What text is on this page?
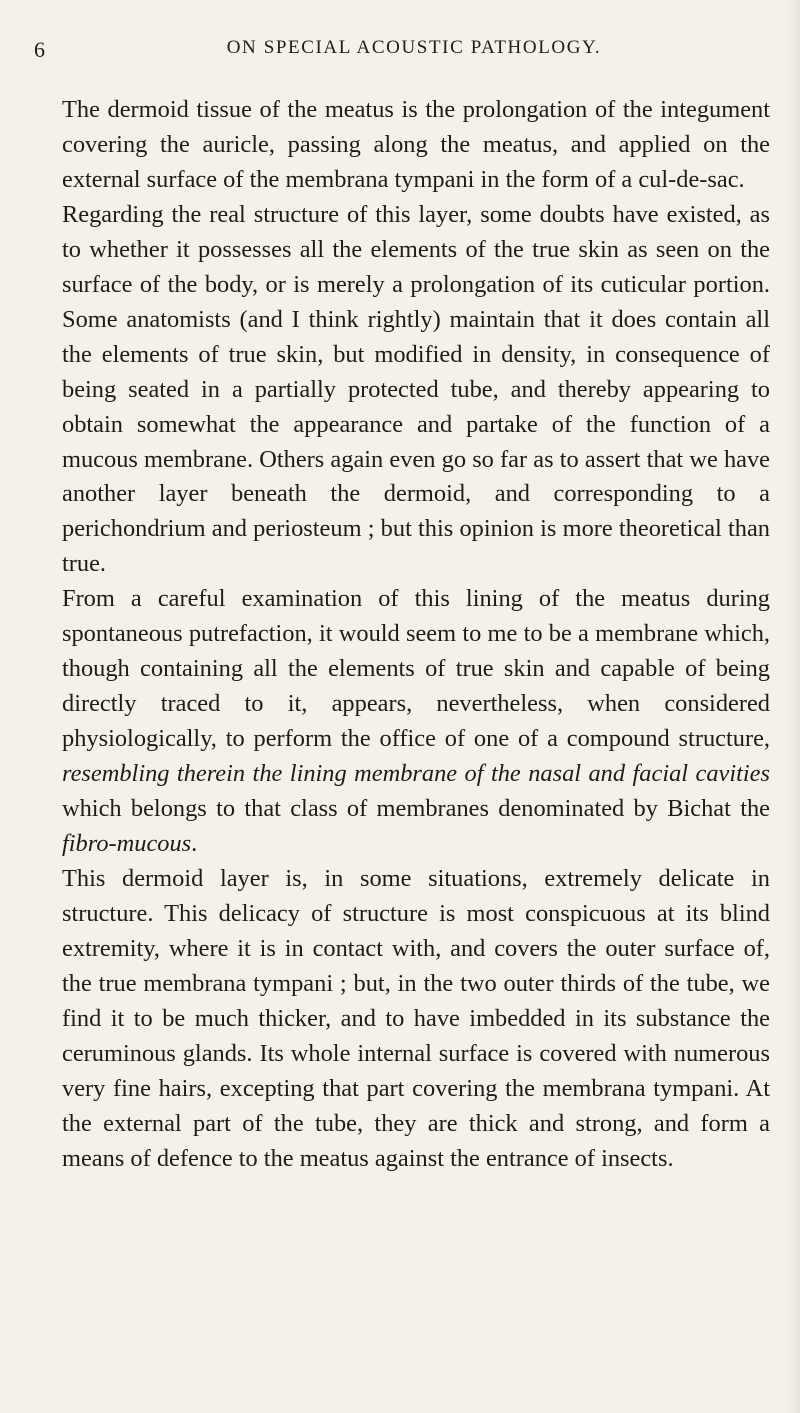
6	ON SPECIAL ACOUSTIC PATHOLOGY.

The dermoid tissue of the meatus is the prolongation of the integument covering the auricle, passing along the meatus, and applied on the external surface of the membrana tympani in the form of a cul-de-sac.

Regarding the real structure of this layer, some doubts have existed, as to whether it possesses all the elements of the true skin as seen on the surface of the body, or is merely a prolongation of its cuticular portion. Some anatomists (and I think rightly) maintain that it does contain all the elements of true skin, but modified in density, in consequence of being seated in a partially protected tube, and thereby appearing to obtain somewhat the appearance and partake of the function of a mucous membrane. Others again even go so far as to assert that we have another layer beneath the dermoid, and corresponding to a perichondrium and periosteum ; but this opinion is more theoretical than true.

From a careful examination of this lining of the meatus during spontaneous putrefaction, it would seem to me to be a membrane which, though containing all the elements of true skin and capable of being directly traced to it, appears, nevertheless, when considered physiologically, to perform the office of one of a compound structure, resembling therein the lining membrane of the nasal and facial cavities which belongs to that class of membranes denominated by Bichat the fibro-mucous.

This dermoid layer is, in some situations, extremely delicate in structure. This delicacy of structure is most conspicuous at its blind extremity, where it is in contact with, and covers the outer surface of, the true membrana tympani ; but, in the two outer thirds of the tube, we find it to be much thicker, and to have imbedded in its substance the ceruminous glands. Its whole internal surface is covered with numerous very fine hairs, excepting that part covering the membrana tympani. At the external part of the tube, they are thick and strong, and form a means of defence to the meatus against the entrance of insects.
